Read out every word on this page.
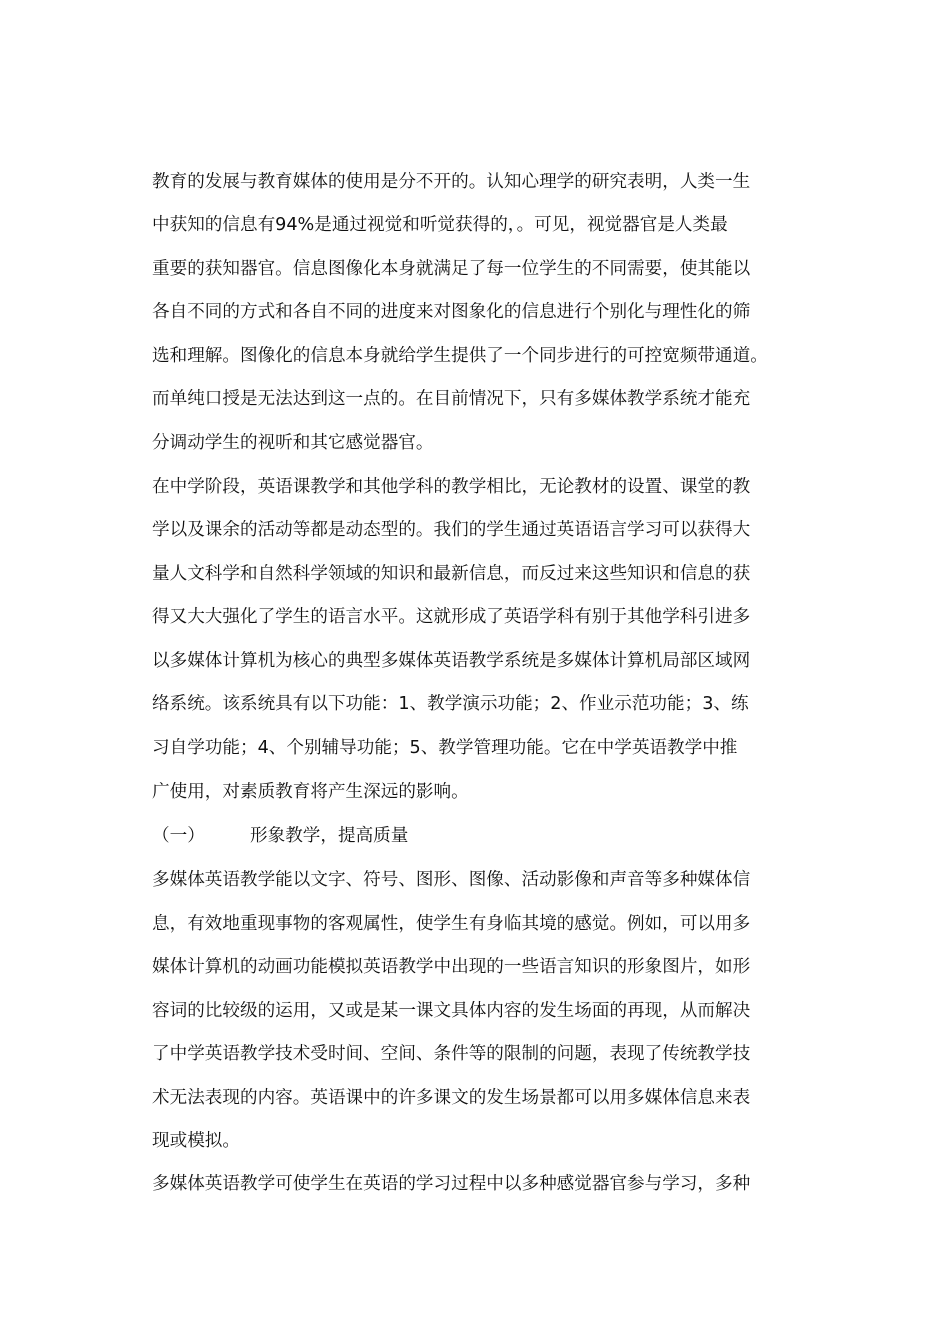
教育的发展与教育媒体的使用是分不开的。认知心理学的研究表明，人类一生
中获知的信息有94%是通过视觉和听觉获得的，。可见，视觉器官是人类最
重要的获知器官。信息图像化本身就满足了每一位学生的不同需要，使其能以
各自不同的方式和各自不同的进度来对图象化的信息进行个别化与理性化的筛
选和理解。图像化的信息本身就给学生提供了一个同步进行的可控宽频带通道。
而单纯口授是无法达到这一点的。在目前情况下，只有多媒体教学系统才能充
分调动学生的视听和其它感觉器官。
在中学阶段，英语课教学和其他学科的教学相比，无论教材的设置、课堂的教
学以及课余的活动等都是动态型的。我们的学生通过英语语言学习可以获得大
量人文科学和自然科学领域的知识和最新信息，而反过来这些知识和信息的获
得又大大强化了学生的语言水平。这就形成了英语学科有别于其他学科引进多
以多媒体计算机为核心的典型多媒体英语教学系统是多媒体计算机局部区域网
络系统。该系统具有以下功能：1、教学演示功能；2、作业示范功能；3、练
习自学功能；4、个别辅导功能；5、教学管理功能。它在中学英语教学中推
广使用，对素质教育将产生深远的影响。
（一）	形象教学，提高质量
多媒体英语教学能以文字、符号、图形、图像、活动影像和声音等多种媒体信
息，有效地重现事物的客观属性，使学生有身临其境的感觉。例如，可以用多
媒体计算机的动画功能模拟英语教学中出现的一些语言知识的形象图片，如形
容词的比较级的运用，又或是某一课文具体内容的发生场面的再现，从而解决
了中学英语教学技术受时间、空间、条件等的限制的问题，表现了传统教学技
术无法表现的内容。英语课中的许多课文的发生场景都可以用多媒体信息来表
现或模拟。
多媒体英语教学可使学生在英语的学习过程中以多种感觉器官参与学习，多种
